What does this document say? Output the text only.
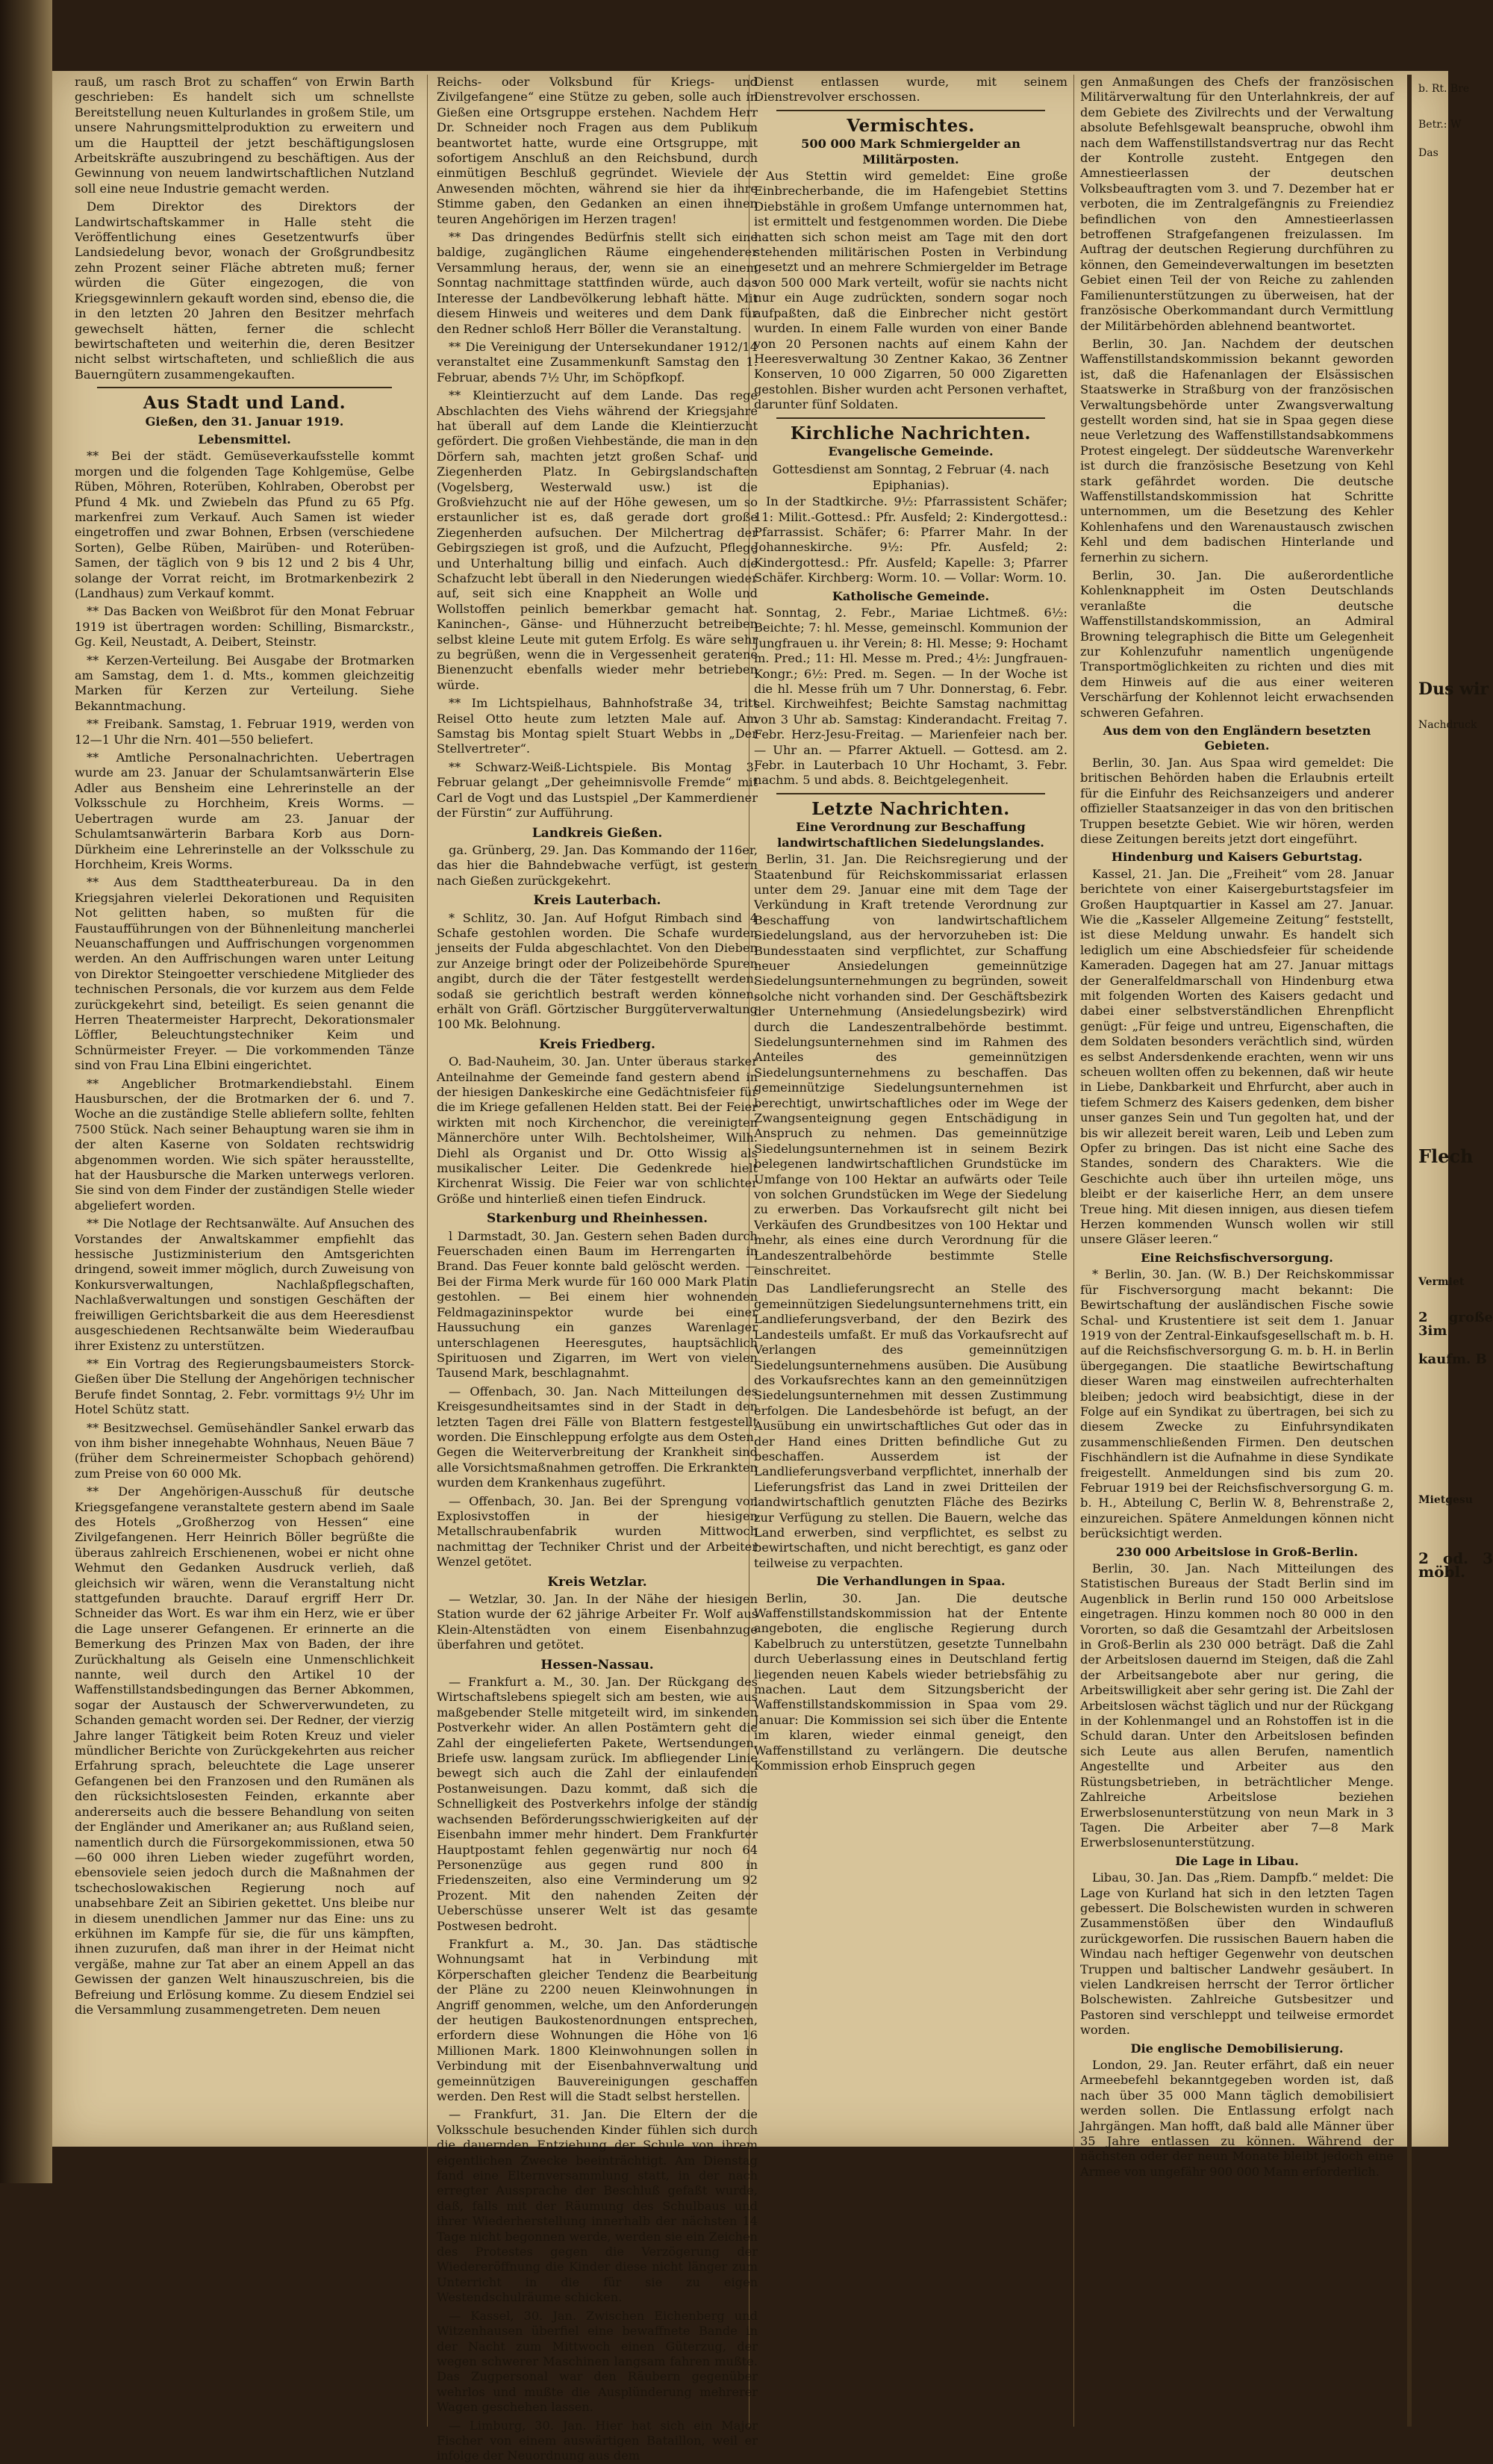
rauß, um rasch Brot zu schaffen“ von Erwin Barth geschrieben: Es handelt sich um schnellste Bereitstellung neuen Kulturlandes in großem Stile, um unsere Nahrungsmittelproduktion zu erweitern und um die Hauptteil der jetzt beschäftigungslosen Arbeitskräfte auszubringend zu beschäftigen. Aus der Gewinnung von neuem landwirtschaftlichen Nutzland soll eine neue Industrie gemacht werden.

Dem Direktor des Direktors der Landwirtschaftskammer in Halle steht die Veröffentlichung eines Gesetzentwurfs über Landsiedelung bevor, wonach der Großgrundbesitz zehn Prozent seiner Fläche abtreten muß; ferner würden die Güter eingezogen, die von Kriegsgewinnlern gekauft worden sind, ebenso die, die in den letzten 20 Jahren den Besitzer mehrfach gewechselt hätten, ferner die schlecht bewirtschafteten und weiterhin die, deren Besitzer nicht selbst wirtschafteten, und schließlich die aus Bauerngütern zusammengekauften.

Aus Stadt und Land.
Gießen, den 31. Januar 1919.
Lebensmittel.

** Bei der städt. Gemüseverkaufsstelle kommt morgen und die folgenden Tage Kohlgemüse, Gelbe Rüben, Möhren, Roterüben, Kohlraben, Oberobst per Pfund 4 Mk. und Zwiebeln das Pfund zu 65 Pfg. markenfrei zum Verkauf. Auch Samen ist wieder eingetroffen und zwar Bohnen, Erbsen (verschiedene Sorten), Gelbe Rüben, Mairüben- und Roterüben-Samen, der täglich von 9 bis 12 und 2 bis 4 Uhr, solange der Vorrat reicht, im Brotmarkenbezirk 2 (Landhaus) zum Verkauf kommt.

** Das Backen von Weißbrot für den Monat Februar 1919 ist übertragen worden: Schilling, Bismarckstr., Gg. Keil, Neustadt, A. Deibert, Steinstr.

** Kerzen-Verteilung. Bei Ausgabe der Brotmarken am Samstag, dem 1. d. Mts., kommen gleichzeitig Marken für Kerzen zur Verteilung. Siehe Bekanntmachung.

** Freibank. Samstag, 1. Februar 1919, werden von 12—1 Uhr die Nrn. 401—550 beliefert.

** Amtliche Personalnachrichten. Uebertragen wurde am 23. Januar der Schulamtsanwärterin Else Adler aus Bensheim eine Lehrerinstelle an der Volksschule zu Horchheim, Kreis Worms. — Uebertragen wurde am 23. Januar der Schulamtsanwärterin Barbara Korb aus Dorn-Dürkheim eine Lehrerinstelle an der Volksschule zu Horchheim, Kreis Worms.

** Aus dem Stadttheaterbureau. Da in den Kriegsjahren vielerlei Dekorationen und Requisiten Not gelitten haben, so mußten für die Faustaufführungen von der Bühnenleitung mancherlei Neuanschaffungen und Auffrischungen vorgenommen werden. An den Auffrischungen waren unter Leitung von Direktor Steingoetter verschiedene Mitglieder des technischen Personals, die vor kurzem aus dem Felde zurückgekehrt sind, beteiligt. Es seien genannt die Herren Theatermeister Harprecht, Dekorationsmaler Löffler, Beleuchtungstechniker Keim und Schnürmeister Freyer. — Die vorkommenden Tänze sind von Frau Lina Elbini eingerichtet.

** Angeblicher Brotmarkendiebstahl. Einem Hausburschen, der die Brotmarken der 6. und 7. Woche an die zuständige Stelle abliefern sollte, fehlten 7500 Stück. Nach seiner Behauptung waren sie ihm in der alten Kaserne von Soldaten rechtswidrig abgenommen worden. Wie sich später herausstellte, hat der Hausbursche die Marken unterwegs verloren. Sie sind von dem Finder der zuständigen Stelle wieder abgeliefert worden.

** Die Notlage der Rechtsanwälte. Auf Ansuchen des Vorstandes der Anwaltskammer empfiehlt das hessische Justizministerium den Amtsgerichten dringend, soweit immer möglich, durch Zuweisung von Konkursverwaltungen, Nachlaßpflegschaften, Nachlaßverwaltungen und sonstigen Geschäften der freiwilligen Gerichtsbarkeit die aus dem Heeresdienst ausgeschiedenen Rechtsanwälte beim Wiederaufbau ihrer Existenz zu unterstützen.

** Ein Vortrag des Regierungsbaumeisters Storck-Gießen über Die Stellung der Angehörigen technischer Berufe findet Sonntag, 2. Febr. vormittags 9½ Uhr im Hotel Schütz statt.

** Besitzwechsel. Gemüsehändler Sankel erwarb das von ihm bisher innegehabte Wohnhaus, Neuen Bäue 7 (früher dem Schreinermeister Schopbach gehörend) zum Preise von 60 000 Mk.

** Der Angehörigen-Ausschuß für deutsche Kriegsgefangene veranstaltete gestern abend im Saale des Hotels „Großherzog von Hessen“ eine Zivilgefangenen. Herr Heinrich Böller begrüßte die überaus zahlreich Erschienenen, wobei er nicht ohne Wehmut den Gedanken Ausdruck verlieh, daß gleichsich wir wären, wenn die Veranstaltung nicht stattgefunden brauchte. Darauf ergriff Herr Dr. Schneider das Wort. Es war ihm ein Herz, wie er über die Lage unserer Gefangenen. Er erinnerte an die Bemerkung des Prinzen Max von Baden, der ihre Zurückhaltung als Geiseln eine Unmenschlichkeit nannte, weil durch den Artikel 10 der Waffenstillstandsbedingungen das Berner Abkommen, sogar der Austausch der Schwerverwundeten, zu Schanden gemacht worden sei. Der Redner, der vierzig Jahre langer Tätigkeit beim Roten Kreuz und vieler mündlicher Berichte von Zurückgekehrten aus reicher Erfahrung sprach, beleuchtete die Lage unserer Gefangenen bei den Franzosen und den Rumänen als den rücksichtslosesten Feinden, erkannte aber andererseits auch die bessere Behandlung von seiten der Engländer und Amerikaner an; aus Rußland seien, namentlich durch die Fürsorgekommissionen, etwa 50—60 000 ihren Lieben wieder zugeführt worden, ebensoviele seien jedoch durch die Maßnahmen der tschechoslowakischen Regierung noch auf unabsehbare Zeit an Sibirien gekettet. Uns bleibe nur in diesem unendlichen Jammer nur das Eine: uns zu erkühnen im Kampfe für sie, die für uns kämpften, ihnen zuzurufen, daß man ihrer in der Heimat nicht vergäße, mahne zur Tat aber an einem Appell an das Gewissen der ganzen Welt hinauszuschreien, bis die Befreiung und Erlösung komme. Zu diesem Endziel sei die Versammlung zusammengetreten. Dem neuen

Reichs- oder Volksbund für Kriegs- und Zivilgefangene“ eine Stütze zu geben, solle auch in Gießen eine Ortsgruppe erstehen. Nachdem Herr Dr. Schneider noch Fragen aus dem Publikum beantwortet hatte, wurde eine Ortsgruppe, mit sofortigem Anschluß an den Reichsbund, durch einmütigen Beschluß gegründet. Wieviele der Anwesenden möchten, während sie hier da ihre Stimme gaben, den Gedanken an einen ihnen teuren Angehörigen im Herzen tragen!

** Das dringendes Bedürfnis stellt sich eine baldige, zugänglichen Räume eingehenderer Versammlung heraus, der, wenn sie an einem Sonntag nachmittage stattfinden würde, auch das Interesse der Landbevölkerung lebhaft hätte. Mit diesem Hinweis und weiteres und dem Dank für den Redner schloß Herr Böller die Veranstaltung.

** Die Vereinigung der Untersekundaner 1912/14 veranstaltet eine Zusammenkunft Samstag den 1. Februar, abends 7½ Uhr, im Schöpfkopf.

** Kleintierzucht auf dem Lande. Das rege Abschlachten des Viehs während der Kriegsjahre hat überall auf dem Lande die Kleintierzucht gefördert. Die großen Viehbestände, die man in den Dörfern sah, machten jetzt großen Schaf- und Ziegenherden Platz. In Gebirgslandschaften (Vogelsberg, Westerwald usw.) ist die Großviehzucht nie auf der Höhe gewesen, um so erstaunlicher ist es, daß gerade dort große Ziegenherden aufsuchen. Der Milchertrag der Gebirgsziegen ist groß, und die Aufzucht, Pflege und Unterhaltung billig und einfach. Auch die Schafzucht lebt überall in den Niederungen wieder auf, seit sich eine Knappheit an Wolle und Wollstoffen peinlich bemerkbar gemacht hat. Kaninchen-, Gänse- und Hühnerzucht betreiben selbst kleine Leute mit gutem Erfolg. Es wäre sehr zu begrüßen, wenn die in Vergessenheit geratene Bienenzucht ebenfalls wieder mehr betrieben würde.

** Im Lichtspielhaus, Bahnhofstraße 34, tritt Reisel Otto heute zum letzten Male auf. Am Samstag bis Montag spielt Stuart Webbs in „Der Stellvertreter“.

** Schwarz-Weiß-Lichtspiele. Bis Montag 3. Februar gelangt „Der geheimnisvolle Fremde“ mit Carl de Vogt und das Lustspiel „Der Kammerdiener der Fürstin“ zur Aufführung.

Landkreis Gießen.

ga. Grünberg, 29. Jan. Das Kommando der 116er, das hier die Bahndebwache verfügt, ist gestern nach Gießen zurückgekehrt.

Kreis Lauterbach.

* Schlitz, 30. Jan. Auf Hofgut Rimbach sind 4 Schafe gestohlen worden. Die Schafe wurden jenseits der Fulda abgeschlachtet. Von den Dieben zur Anzeige bringt oder der Polizeibehörde Spuren angibt, durch die der Täter festgestellt werden, sodaß sie gerichtlich bestraft werden können, erhält von Gräfl. Görtzischer Burggüterverwaltung 100 Mk. Belohnung.

Kreis Friedberg.

O. Bad-Nauheim, 30. Jan. Unter überaus starker Anteilnahme der Gemeinde fand gestern abend in der hiesigen Dankeskirche eine Gedächtnisfeier für die im Kriege gefallenen Helden statt. Bei der Feier wirkten mit noch Kirchenchor, die vereinigten Männerchöre unter Wilh. Bechtolsheimer, Wilh. Diehl als Organist und Dr. Otto Wissig als musikalischer Leiter. Die Gedenkrede hielt Kirchenrat Wissig. Die Feier war von schlichter Größe und hinterließ einen tiefen Eindruck.

Starkenburg und Rheinhessen.

l Darmstadt, 30. Jan. Gestern sehen Baden durch Feuerschaden einen Baum im Herrengarten in Brand. Das Feuer konnte bald gelöscht werden. — Bei der Firma Merk wurde für 160 000 Mark Platin gestohlen. — Bei einem hier wohnenden Feldmagazininspektor wurde bei einer Haussuchung ein ganzes Warenlager unterschlagenen Heeresgutes, hauptsächlich Spirituosen und Zigarren, im Wert von vielen Tausend Mark, beschlagnahmt.

— Offenbach, 30. Jan. Nach Mitteilungen des Kreisgesundheitsamtes sind in der Stadt in den letzten Tagen drei Fälle von Blattern festgestellt worden. Die Einschleppung erfolgte aus dem Osten. Gegen die Weiterverbreitung der Krankheit sind alle Vorsichtsmaßnahmen getroffen. Die Erkrankten wurden dem Krankenhaus zugeführt.

— Offenbach, 30. Jan. Bei der Sprengung von Explosivstoffen in der hiesigen Metallschraubenfabrik wurden Mittwoch nachmittag der Techniker Christ und der Arbeiter Wenzel getötet.

Kreis Wetzlar.

— Wetzlar, 30. Jan. In der Nähe der hiesigen Station wurde der 62 jährige Arbeiter Fr. Wolf aus Klein-Altenstädten von einem Eisenbahnzuge überfahren und getötet.

Hessen-Nassau.

— Frankfurt a. M., 30. Jan. Der Rückgang des Wirtschaftslebens spiegelt sich am besten, wie aus maßgebender Stelle mitgeteilt wird, im sinkenden Postverkehr wider. An allen Postämtern geht die Zahl der eingelieferten Pakete, Wertsendungen, Briefe usw. langsam zurück. Im abfliegender Linie bewegt sich auch die Zahl der einlaufenden Postanweisungen. Dazu kommt, daß sich die Schnelligkeit des Postverkehrs infolge der ständig wachsenden Beförderungsschwierigkeiten auf der Eisenbahn immer mehr hindert. Dem Frankfurter Hauptpostamt fehlen gegenwärtig nur noch 64 Personenzüge aus gegen rund 800 in Friedenszeiten, also eine Verminderung um 92 Prozent. Mit den nahenden Zeiten der Ueberschüsse unserer Welt ist das gesamte Postwesen bedroht.

Frankfurt a. M., 30. Jan. Das städtische Wohnungsamt hat in Verbindung mit Körperschaften gleicher Tendenz die Bearbeitung der Pläne zu 2200 neuen Kleinwohnungen in Angriff genommen, welche, um den Anforderungen der heutigen Baukostenordnungen entsprechen, erfordern diese Wohnungen die Höhe von 16 Millionen Mark. 1800 Kleinwohnungen sollen in Verbindung mit der Eisenbahnverwaltung und gemeinnützigen Bauvereinigungen geschaffen werden. Den Rest will die Stadt selbst herstellen.

— Frankfurt, 31. Jan. Die Eltern der die Volksschule besuchenden Kinder fühlen sich durch die dauernden Entziehung der Schule von ihrem eigentlichen Zwecke beeinträchtigt. Am Dienstag fand eine Elternversammlung statt, in der nach erregter Aussprache der Beschluß gefaßt wurde, daß, falls mit der Räumung des Schulbaus und ihrer Wiederherstellung innerhalb der nächsten 14 Tage nicht begonnen werde, werden sie ein Zeichen des Protestes gegen die Verzögerung der Wiedereröffnung die Kinder diese nicht länger zum Unterricht in die für sie zu eigen Westendschulräume schicken.

— Kassel, 30. Jan. Zwischen Eichenberg und Witzenhausen überfiel eine bewaffnete Bande in der Nacht zum Mittwoch einen Güterzug, der wegen schwerer Maschinen langsam fahren mußte. Das Zugpersonal war den Räubern gegenüber wehrlos und mußte die Ausplünderung mehrerer Wagen geschehen lassen.

— Limburg, 30. Jan. Hier hat sich ein Major Fischer von einem auswärtigen Bataillon, weil er infolge der Neuordnung aus dem

Dienst entlassen wurde, mit seinem Dienstrevolver erschossen.

Vermischtes.
500 000 Mark Schmiergelder an Militärposten.

Aus Stettin wird gemeldet: Eine große Einbrecherbande, die im Hafengebiet Stettins Diebstähle in großem Umfange unternommen hat, ist ermittelt und festgenommen worden. Die Diebe hatten sich schon meist am Tage mit den dort stehenden militärischen Posten in Verbindung gesetzt und an mehrere Schmiergelder im Betrage von 500 000 Mark verteilt, wofür sie nachts nicht nur ein Auge zudrückten, sondern sogar noch aufpaßten, daß die Einbrecher nicht gestört wurden. In einem Falle wurden von einer Bande von 20 Personen nachts auf einem Kahn der Heeresverwaltung 30 Zentner Kakao, 36 Zentner Konserven, 10 000 Zigarren, 50 000 Zigaretten gestohlen. Bisher wurden acht Personen verhaftet, darunter fünf Soldaten.

Kirchliche Nachrichten.
Evangelische Gemeinde.
Gottesdienst am Sonntag, 2 Februar (4. nach Epiphanias).

In der Stadtkirche. 9½: Pfarrassistent Schäfer; 11: Milit.-Gottesd.: Pfr. Ausfeld; 2: Kindergottesd.: Pfarrassist. Schäfer; 6: Pfarrer Mahr. In der Johanneskirche. 9½: Pfr. Ausfeld; 2: Kindergottesd.: Pfr. Ausfeld; Kapelle: 3; Pfarrer Schäfer. Kirchberg: Worm. 10. — Vollar: Worm. 10.

Katholische Gemeinde.

Sonntag, 2. Febr., Mariae Lichtmeß. 6½: Beichte; 7: hl. Messe, gemeinschl. Kommunion der Jungfrauen u. ihr Verein; 8: Hl. Messe; 9: Hochamt m. Pred.; 11: Hl. Messe m. Pred.; 4½: Jungfrauen-Kongr.; 6½: Pred. m. Segen. — In der Woche ist die hl. Messe früh um 7 Uhr. Donnerstag, 6. Febr. sel. Kirchweihfest; Beichte Samstag nachmittag von 3 Uhr ab. Samstag: Kinderandacht. Freitag 7. Febr. Herz-Jesu-Freitag. — Marienfeier nach ber. — Uhr an. — Pfarrer Aktuell. — Gottesd. am 2. Febr. in Lauterbach 10 Uhr Hochamt, 3. Febr. nachm. 5 und abds. 8. Beichtgelegenheit.

Letzte Nachrichten.
Eine Verordnung zur Beschaffung landwirtschaftlichen Siedelungslandes.

Berlin, 31. Jan. Die Reichsregierung und der Staatenbund für Reichskommissariat erlassen unter dem 29. Januar eine mit dem Tage der Verkündung in Kraft tretende Verordnung zur Beschaffung von landwirtschaftlichem Siedelungsland, aus der hervorzuheben ist: Die Bundesstaaten sind verpflichtet, zur Schaffung neuer Ansiedelungen gemeinnützige Siedelungsunternehmungen zu begründen, soweit solche nicht vorhanden sind. Der Geschäftsbezirk der Unternehmung (Ansiedelungsbezirk) wird durch die Landeszentralbehörde bestimmt. Siedelungsunternehmen sind im Rahmen des Anteiles des gemeinnützigen Siedelungsunternehmens zu beschaffen. Das gemeinnützige Siedelungsunternehmen ist berechtigt, unwirtschaftliches oder im Wege der Zwangsenteignung gegen Entschädigung in Anspruch zu nehmen. Das gemeinnützige Siedelungsunternehmen ist in seinem Bezirk belegenen landwirtschaftlichen Grundstücke im Umfange von 100 Hektar an aufwärts oder Teile von solchen Grundstücken im Wege der Siedelung zu erwerben. Das Vorkaufsrecht gilt nicht bei Verkäufen des Grundbesitzes von 100 Hektar und mehr, als eines eine durch Verordnung für die Landeszentralbehörde bestimmte Stelle einschreitet.

Das Landlieferungsrecht an Stelle des gemeinnützigen Siedelungsunternehmens tritt, ein Landlieferungsverband, der den Bezirk des Landesteils umfaßt. Er muß das Vorkaufsrecht auf Verlangen des gemeinnützigen Siedelungsunternehmens ausüben. Die Ausübung des Vorkaufsrechtes kann an den gemeinnützigen Siedelungsunternehmen mit dessen Zustimmung erfolgen. Die Landesbehörde ist befugt, an der Ausübung ein unwirtschaftliches Gut oder das in der Hand eines Dritten befindliche Gut zu beschaffen. Ausserdem ist der Landlieferungsverband verpflichtet, innerhalb der Lieferungsfrist das Land in zwei Dritteilen der landwirtschaftlich genutzten Fläche des Bezirks zur Verfügung zu stellen. Die Bauern, welche das Land erwerben, sind verpflichtet, es selbst zu bewirtschaften, und nicht berechtigt, es ganz oder teilweise zu verpachten.

Die Verhandlungen in Spaa.

Berlin, 30. Jan. Die deutsche Waffenstillstandskommission hat der Entente angeboten, die englische Regierung durch Kabelbruch zu unterstützen, gesetzte Tunnelbahn durch Ueberlassung eines in Deutschland fertig liegenden neuen Kabels wieder betriebsfähig zu machen. Laut dem Sitzungsbericht der Waffenstillstandskommission in Spaa vom 29. Januar: Die Kommission sei sich über die Entente im klaren, wieder einmal geneigt, den Waffenstillstand zu verlängern. Die deutsche Kommission erhob Einspruch gegen

gen Anmaßungen des Chefs der französischen Militärverwaltung für den Unterlahnkreis, der auf dem Gebiete des Zivilrechts und der Verwaltung absolute Befehlsgewalt beanspruche, obwohl ihm nach dem Waffenstillstandsvertrag nur das Recht der Kontrolle zusteht. Entgegen den Amnestieerlassen der deutschen Volksbeauftragten vom 3. und 7. Dezember hat er verboten, die im Zentralgefängnis zu Freiendiez befindlichen von den Amnestieerlassen betroffenen Strafgefangenen freizulassen. Im Auftrag der deutschen Regierung durchführen zu können, den Gemeindeverwaltungen im besetzten Gebiet einen Teil der von Reiche zu zahlenden Familienunterstützungen zu überweisen, hat der französische Oberkommandant durch Vermittlung der Militärbehörden ablehnend beantwortet.

Berlin, 30. Jan. Nachdem der deutschen Waffenstillstandskommission bekannt geworden ist, daß die Hafenanlagen der Elsässischen Staatswerke in Straßburg von der französischen Verwaltungsbehörde unter Zwangsverwaltung gestellt worden sind, hat sie in Spaa gegen diese neue Verletzung des Waffenstillstandsabkommens Protest eingelegt. Der süddeutsche Warenverkehr ist durch die französische Besetzung von Kehl stark gefährdet worden. Die deutsche Waffenstillstandskommission hat Schritte unternommen, um die Besetzung des Kehler Kohlenhafens und den Warenaustausch zwischen Kehl und dem badischen Hinterlande und fernerhin zu sichern.

Berlin, 30. Jan. Die außerordentliche Kohlenknappheit im Osten Deutschlands veranlaßte die deutsche Waffenstillstandskommission, an Admiral Browning telegraphisch die Bitte um Gelegenheit zur Kohlenzufuhr namentlich ungenügende Transportmöglichkeiten zu richten und dies mit dem Hinweis auf die aus einer weiteren Verschärfung der Kohlennot leicht erwachsenden schweren Gefahren.

Aus dem von den Engländern besetzten Gebieten.

Berlin, 30. Jan. Aus Spaa wird gemeldet: Die britischen Behörden haben die Erlaubnis erteilt für die Einfuhr des Reichsanzeigers und anderer offizieller Staatsanzeiger in das von den britischen Truppen besetzte Gebiet. Wie wir hören, werden diese Zeitungen bereits jetzt dort eingeführt.

Hindenburg und Kaisers Geburtstag.

Kassel, 21. Jan. Die „Freiheit“ vom 28. Januar berichtete von einer Kaisergeburtstagsfeier im Großen Hauptquartier in Kassel am 27. Januar. Wie die „Kasseler Allgemeine Zeitung“ feststellt, ist diese Meldung unwahr. Es handelt sich lediglich um eine Abschiedsfeier für scheidende Kameraden. Dagegen hat am 27. Januar mittags der Generalfeldmarschall von Hindenburg etwa mit folgenden Worten des Kaisers gedacht und dabei einer selbstverständlichen Ehrenpflicht genügt: „Für feige und untreu, Eigenschaften, die dem Soldaten besonders verächtlich sind, würden es selbst Andersdenkende erachten, wenn wir uns scheuen wollten offen zu bekennen, daß wir heute in Liebe, Dankbarkeit und Ehrfurcht, aber auch in tiefem Schmerz des Kaisers gedenken, dem bisher unser ganzes Sein und Tun gegolten hat, und der bis wir allezeit bereit waren, Leib und Leben zum Opfer zu bringen. Das ist nicht eine Sache des Standes, sondern des Charakters. Wie die Geschichte auch über ihn urteilen möge, uns bleibt er der kaiserliche Herr, an dem unsere Treue hing. Mit diesen innigen, aus diesen tiefem Herzen kommenden Wunsch wollen wir still unsere Gläser leeren.“

Eine Reichsfischversorgung.

* Berlin, 30. Jan. (W. B.) Der Reichskommissar für Fischversorgung macht bekannt: Die Bewirtschaftung der ausländischen Fische sowie Schal- und Krustentiere ist seit dem 1. Januar 1919 von der Zentral-Einkaufsgesellschaft m. b. H. auf die Reichsfischversorgung G. m. b. H. in Berlin übergegangen. Die staatliche Bewirtschaftung dieser Waren mag einstweilen aufrechterhalten bleiben; jedoch wird beabsichtigt, diese in der Folge auf ein Syndikat zu übertragen, bei sich zu diesem Zwecke zu Einfuhrsyndikaten zusammenschließenden Firmen. Den deutschen Fischhändlern ist die Aufnahme in diese Syndikate freigestellt. Anmeldungen sind bis zum 20. Februar 1919 bei der Reichsfischversorgung G. m. b. H., Abteilung C, Berlin W. 8, Behrenstraße 2, einzureichen. Spätere Anmeldungen können nicht berücksichtigt werden.

230 000 Arbeitslose in Groß-Berlin.

Berlin, 30. Jan. Nach Mitteilungen des Statistischen Bureaus der Stadt Berlin sind im Augenblick in Berlin rund 150 000 Arbeitslose eingetragen. Hinzu kommen noch 80 000 in den Vororten, so daß die Gesamtzahl der Arbeitslosen in Groß-Berlin als 230 000 beträgt. Daß die Zahl der Arbeitslosen dauernd im Steigen, daß die Zahl der Arbeitsangebote aber nur gering, die Arbeitswilligkeit aber sehr gering ist. Die Zahl der Arbeitslosen wächst täglich und nur der Rückgang in der Kohlenmangel und an Rohstoffen ist in die Schuld daran. Unter den Arbeitslosen befinden sich Leute aus allen Berufen, namentlich Angestellte und Arbeiter aus den Rüstungsbetrieben, in beträchtlicher Menge. Zahlreiche Arbeitslose beziehen Erwerbslosenunterstützung von neun Mark in 3 Tagen. Die Arbeiter aber 7—8 Mark Erwerbslosenunterstützung.

Die Lage in Libau.

Libau, 30. Jan. Das „Riem. Dampfb.“ meldet: Die Lage von Kurland hat sich in den letzten Tagen gebessert. Die Bolschewisten wurden in schweren Zusammenstößen über den Windaufluß zurückgeworfen. Die russischen Bauern haben die Windau nach heftiger Gegenwehr von deutschen Truppen und baltischer Landwehr gesäubert. In vielen Landkreisen herrscht der Terror örtlicher Bolschewisten. Zahlreiche Gutsbesitzer und Pastoren sind verschleppt und teilweise ermordet worden.

Die englische Demobilisierung.

London, 29. Jan. Reuter erfährt, daß ein neuer Armeebefehl bekanntgegeben worden ist, daß nach über 35 000 Mann täglich demobilisiert werden sollen. Die Entlassung erfolgt nach Jahrgängen. Man hofft, daß bald alle Männer über 35 Jahre entlassen zu können. Während der nächsten oder der neun Monate bleibt jedoch eine Armee von ungefähr 900 000 Mann erforderlich.

b. Rt. Bre
Betr.: W
Das
Dus wir
Nachdruck
Flech
Vermiet
2 große 3im
kaufm. B
Mietgesu
2 od. 3 möbl.
